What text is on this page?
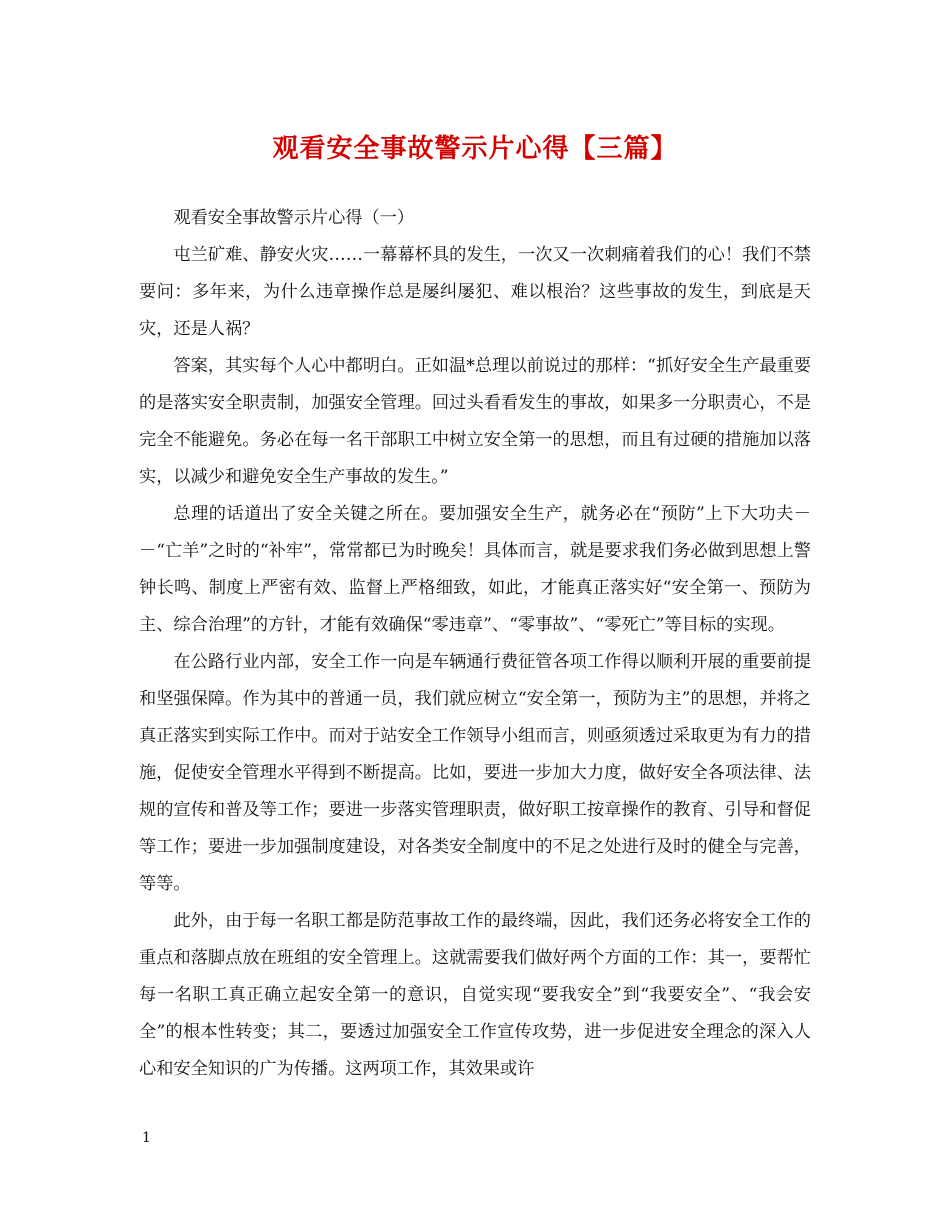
观看安全事故警示片心得【三篇】

观看安全事故警示片心得（一）

屯兰矿难、静安火灾……一幕幕杯具的发生，一次又一次刺痛着我们的心！我们不禁要问：多年来，为什么违章操作总是屡纠屡犯、难以根治？这些事故的发生，到底是天灾，还是人祸？

答案，其实每个人心中都明白。正如温*总理以前说过的那样：“抓好安全生产最重要的是落实安全职责制，加强安全管理。回过头看看发生的事故，如果多一分职责心，不是完全不能避免。务必在每一名干部职工中树立安全第一的思想，而且有过硬的措施加以落实，以减少和避免安全生产事故的发生。”

总理的话道出了安全关键之所在。要加强安全生产，就务必在“预防”上下大功夫－－“亡羊”之时的“补牢”，常常都已为时晚矣！具体而言，就是要求我们务必做到思想上警钟长鸣、制度上严密有效、监督上严格细致，如此，才能真正落实好“安全第一、预防为主、综合治理”的方针，才能有效确保“零违章”、“零事故”、“零死亡”等目标的实现。

在公路行业内部，安全工作一向是车辆通行费征管各项工作得以顺利开展的重要前提和坚强保障。作为其中的普通一员，我们就应树立“安全第一，预防为主”的思想，并将之真正落实到实际工作中。而对于站安全工作领导小组而言，则亟须透过采取更为有力的措施，促使安全管理水平得到不断提高。比如，要进一步加大力度，做好安全各项法律、法规的宣传和普及等工作；要进一步落实管理职责，做好职工按章操作的教育、引导和督促等工作；要进一步加强制度建设，对各类安全制度中的不足之处进行及时的健全与完善，等等。

此外，由于每一名职工都是防范事故工作的最终端，因此，我们还务必将安全工作的重点和落脚点放在班组的安全管理上。这就需要我们做好两个方面的工作：其一，要帮忙每一名职工真正确立起安全第一的意识，自觉实现“要我安全”到“我要安全”、“我会安全”的根本性转变；其二，要透过加强安全工作宣传攻势，进一步促进安全理念的深入人心和安全知识的广为传播。这两项工作，其效果或许

1
